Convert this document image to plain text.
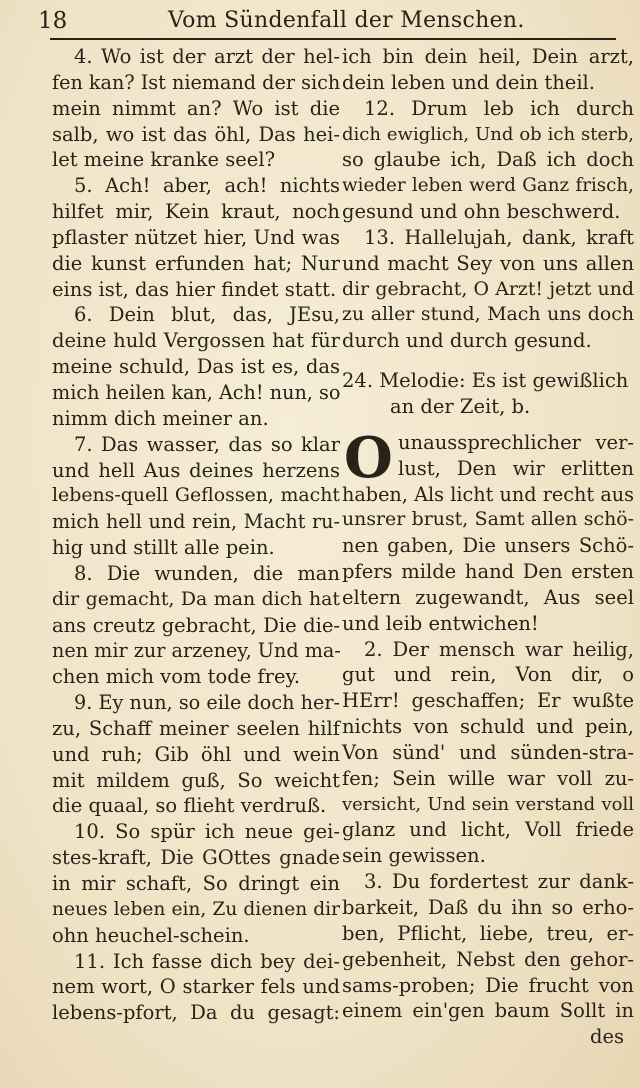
18	Vom Sündenfall der Menschen.
4. Wo ist der arzt der hel-
fen kan? Ist niemand der sich
mein nimmt an? Wo ist die
salb, wo ist das öhl, Das hei-
let meine kranke seel?
5. Ach! aber, ach! nichts
hilfet mir, Kein kraut, noch
pflaster nützet hier, Und was
die kunst erfunden hat; Nur
eins ist, das hier findet statt.
6. Dein blut, das, JEsu,
deine huld Vergossen hat für
meine schuld, Das ist es, das
mich heilen kan, Ach! nun, so
nimm dich meiner an.
7. Das wasser, das so klar
und hell Aus deines herzens
lebens-quell Geflossen, macht
mich hell und rein, Macht ru-
hig und stillt alle pein.
8. Die wunden, die man
dir gemacht, Da man dich hat
ans creutz gebracht, Die die-
nen mir zur arzeney, Und ma-
chen mich vom tode frey.
9. Ey nun, so eile doch her-
zu, Schaff meiner seelen hilf
und ruh; Gib öhl und wein
mit mildem guß, So weicht
die quaal, so flieht verdruß.
10. So spür ich neue gei-
stes-kraft, Die GOttes gnade
in mir schaft, So dringt ein
neues leben ein, Zu dienen dir
ohn heuchel-schein.
11. Ich fasse dich bey dei-
nem wort, O starker fels und
lebens-pfort, Da du gesagt:
ich bin dein heil, Dein arzt,
dein leben und dein theil.
12. Drum leb ich durch
dich ewiglich, Und ob ich sterb,
so glaube ich, Daß ich doch
wieder leben werd Ganz frisch,
gesund und ohn beschwerd.
13. Hallelujah, dank, kraft
und macht Sey von uns allen
dir gebracht, O Arzt! jetzt und
zu aller stund, Mach uns doch
durch und durch gesund.
24. Melodie: Es ist gewißlich
an der Zeit, b.
O unaussprechlicher ver-
lust, Den wir erlitten
haben, Als licht und recht aus
unsrer brust, Samt allen schö-
nen gaben, Die unsers Schö-
pfers milde hand Den ersten
eltern zugewandt, Aus seel
und leib entwichen!
2. Der mensch war heilig,
gut und rein, Von dir, o
HErr! geschaffen; Er wußte
nichts von schuld und pein,
Von sünd' und sünden-stra-
fen; Sein wille war voll zu-
versicht, Und sein verstand voll
glanz und licht, Voll friede
sein gewissen.
3. Du fordertest zur dank-
barkeit, Daß du ihn so erho-
ben, Pflicht, liebe, treu, er-
gebenheit, Nebst den gehor-
sams-proben; Die frucht von
einem ein'gen baum Sollt in
des
